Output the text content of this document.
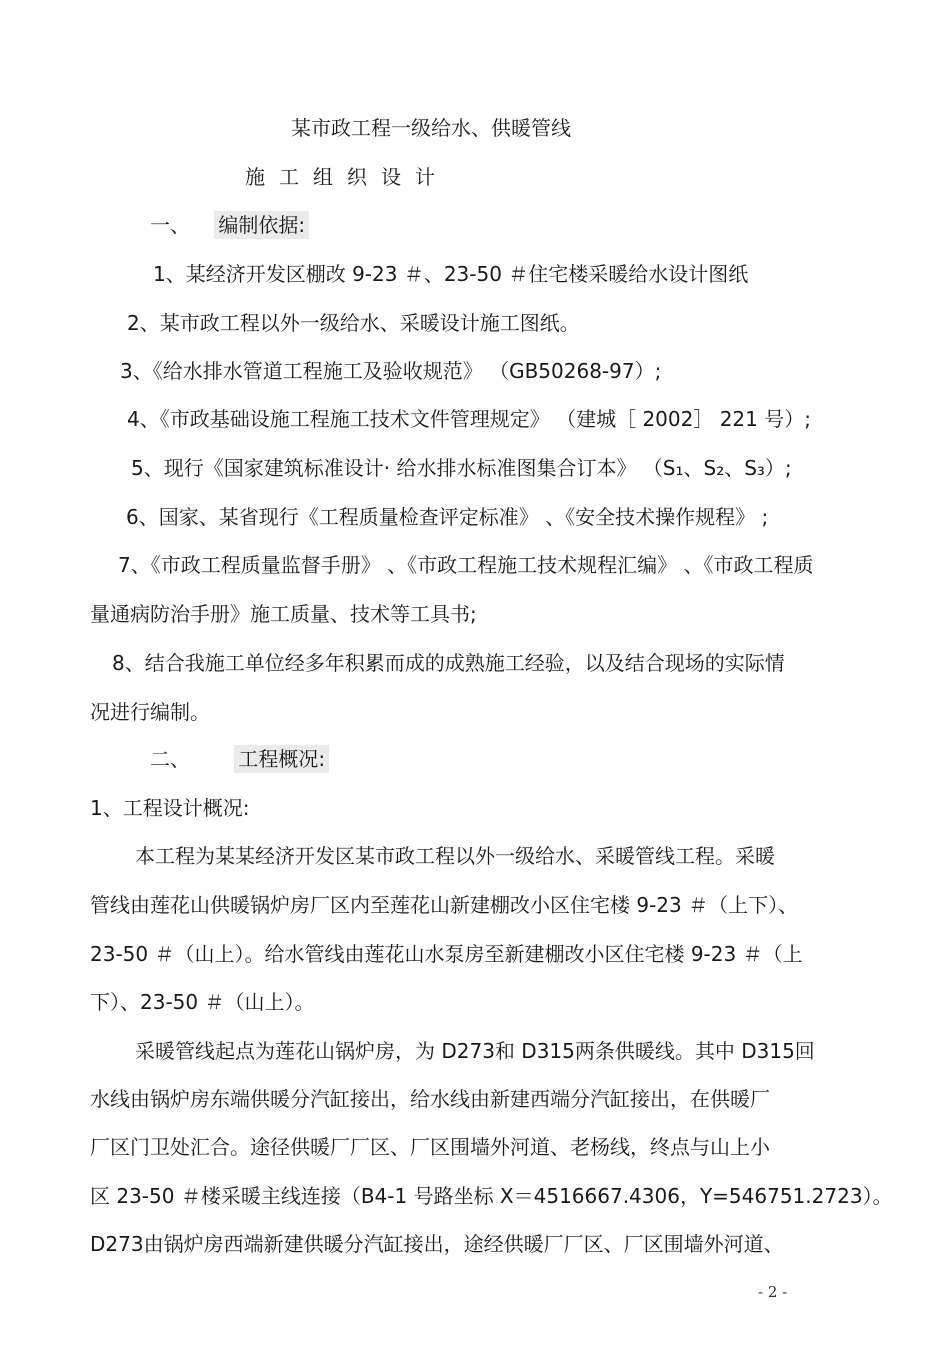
某市政工程一级给水、供暖管线
施工组织设计
一、 编制依据:
1、某经济开发区棚改 9-23 ＃、23-50 ＃住宅楼采暖给水设计图纸
2、某市政工程以外一级给水、采暖设计施工图纸。
3、《给水排水管道工程施工及验收规范》 （GB50268-97）;
4、《市政基础设施工程施工技术文件管理规定》 （建城［ 2002］ 221 号）;
5、现行《国家建筑标准设计· 给水排水标准图集合订本》 （S₁、S₂、S₃）;
6、国家、某省现行《工程质量检查评定标准》 、《安全技术操作规程》 ;
7、《市政工程质量监督手册》 、《市政工程施工技术规程汇编》 、《市政工程质
量通病防治手册》施工质量、技术等工具书;
8、结合我施工单位经多年积累而成的成熟施工经验，以及结合现场的实际情
况进行编制。
二、 工程概况:
1、工程设计概况:
本工程为某某经济开发区某市政工程以外一级给水、采暖管线工程。采暖
管线由莲花山供暖锅炉房厂区内至莲花山新建棚改小区住宅楼 9-23 ＃（上下）、
23-50 ＃（山上）。给水管线由莲花山水泵房至新建棚改小区住宅楼 9-23 ＃（上
下）、23-50 ＃（山上）。
采暖管线起点为莲花山锅炉房，为 D273和 D315两条供暖线。其中 D315回
水线由锅炉房东端供暖分汽缸接出，给水线由新建西端分汽缸接出，在供暖厂
厂区门卫处汇合。途径供暖厂厂区、厂区围墙外河道、老杨线，终点与山上小
区 23-50 ＃楼采暖主线连接（B4-1 号路坐标 X＝4516667.4306，Y=546751.2723）。
D273由锅炉房西端新建供暖分汽缸接出，途经供暖厂厂区、厂区围墙外河道、
- 2 -
